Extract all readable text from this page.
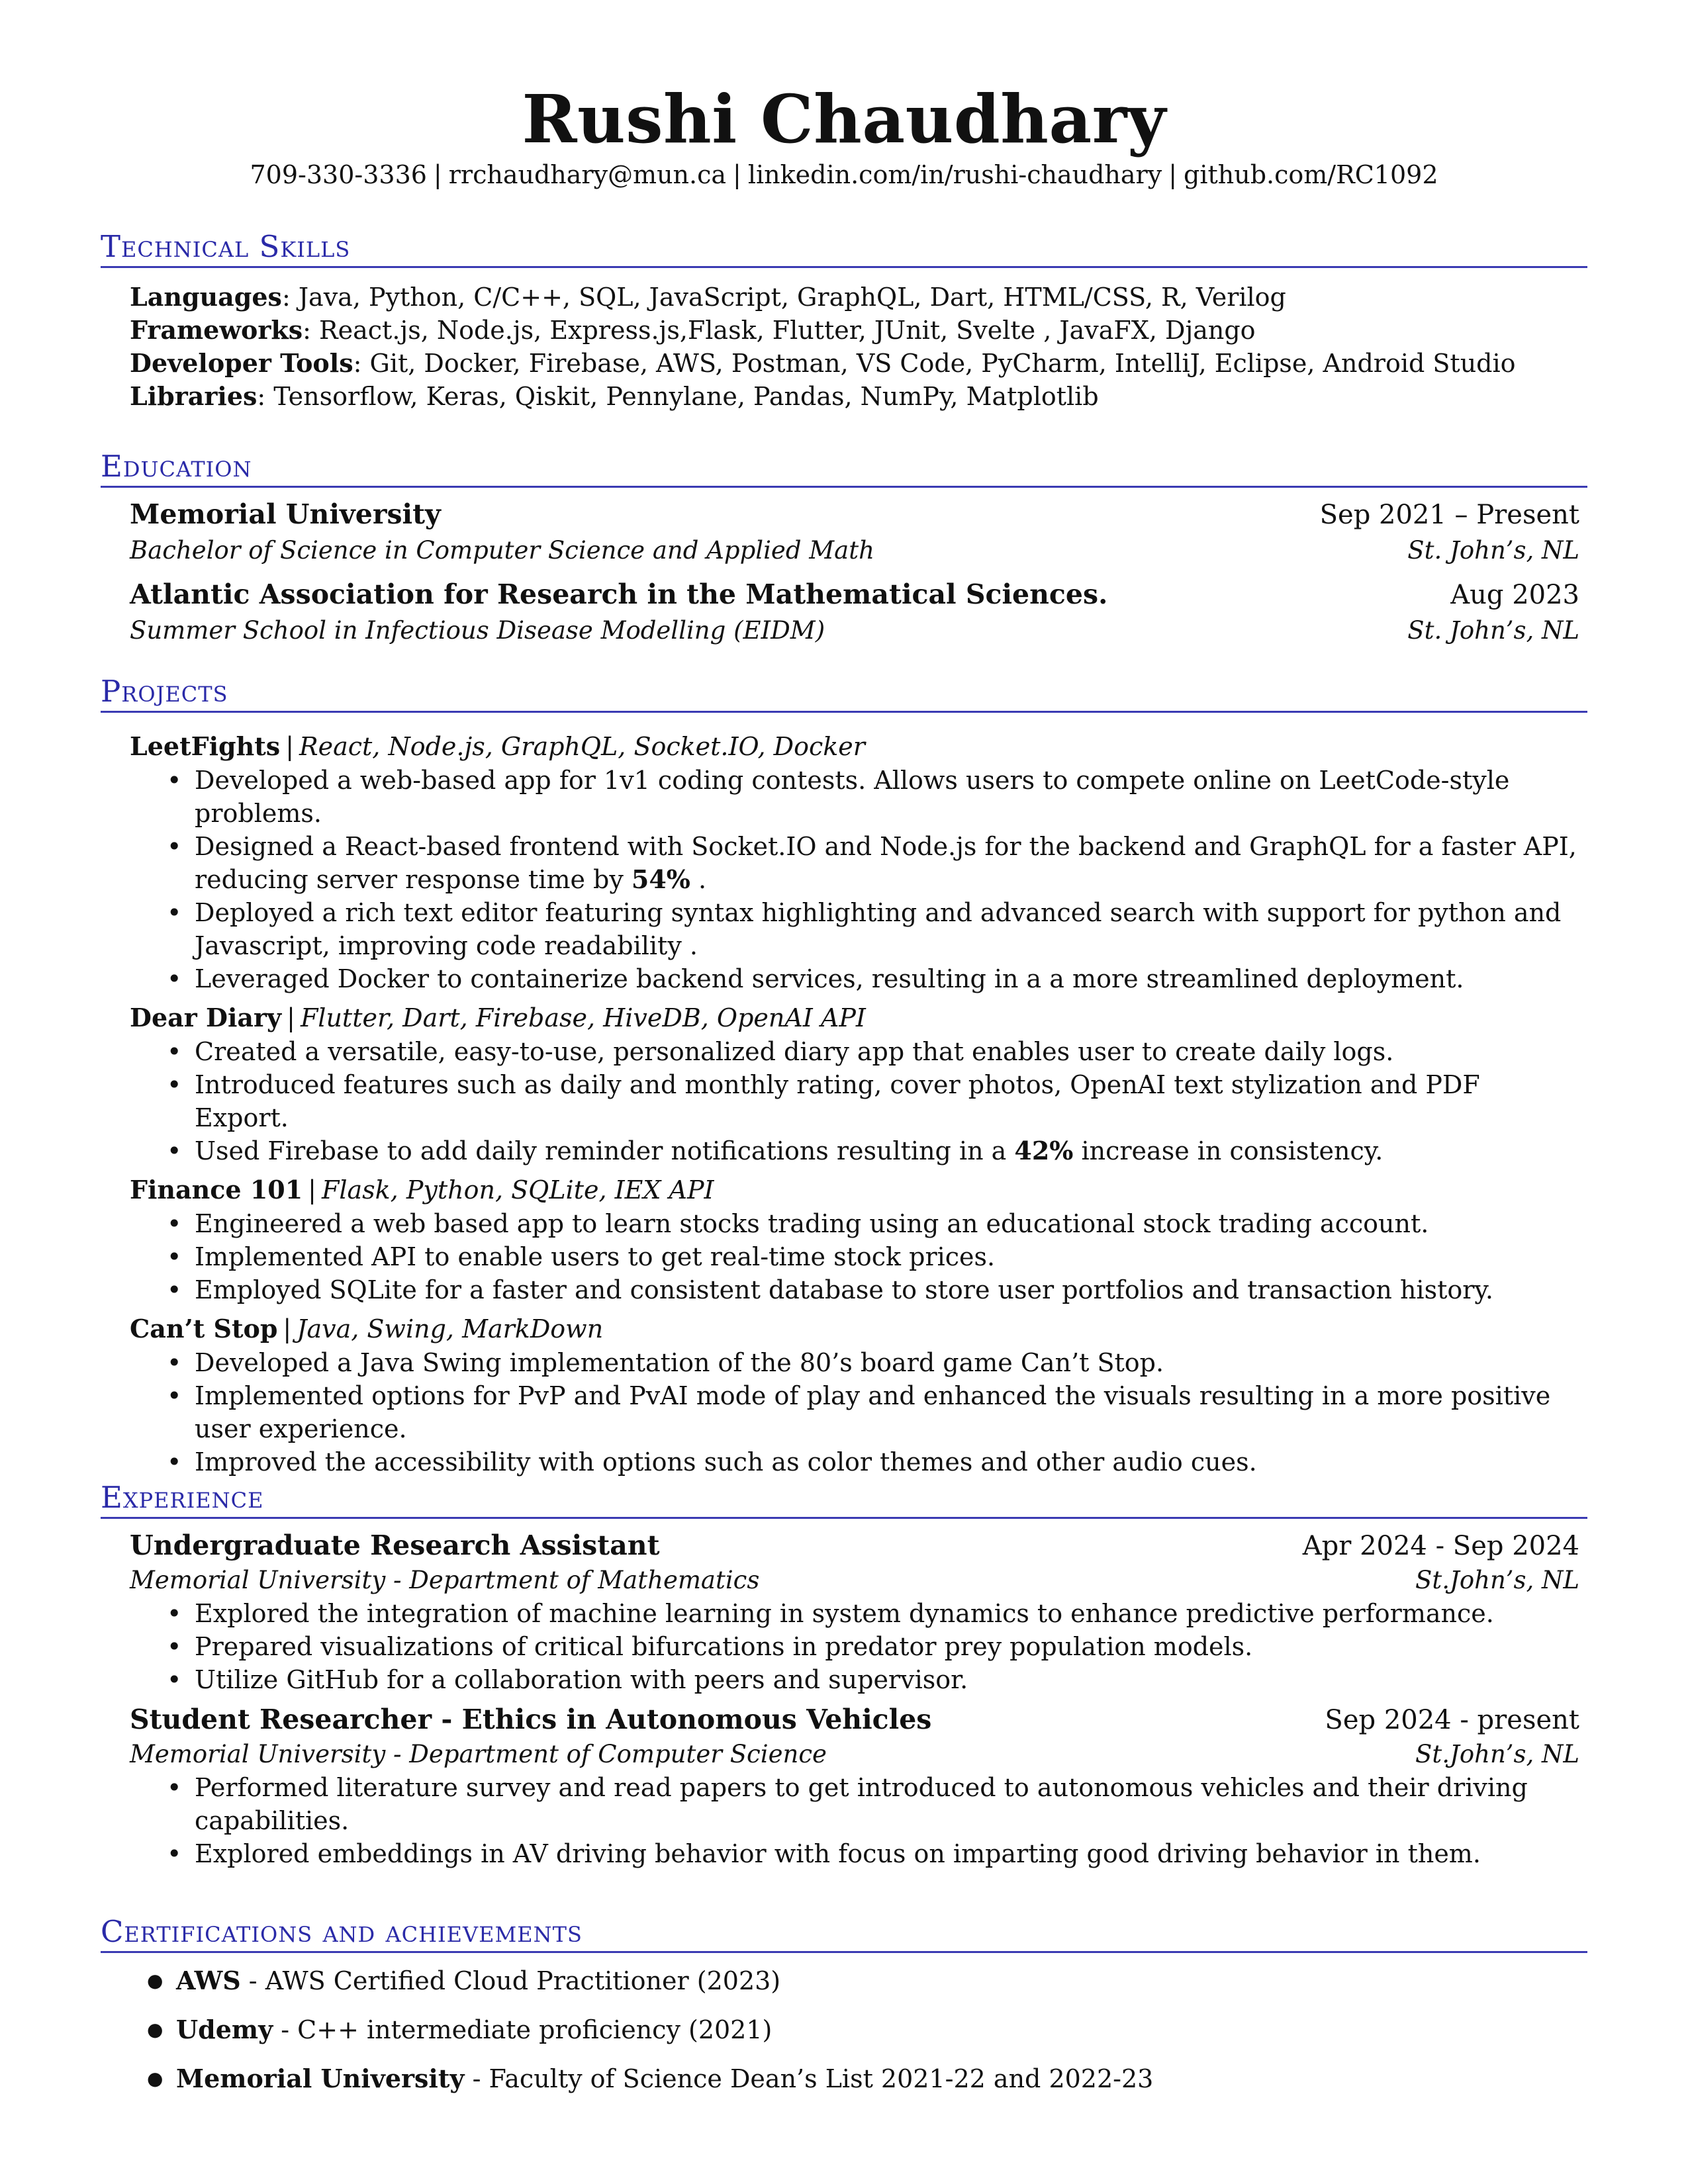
Rushi Chaudhary
709-330-3336 | rrchaudhary@mun.ca | linkedin.com/in/rushi-chaudhary | github.com/RC1092
Technical Skills
Languages: Java, Python, C/C++, SQL, JavaScript, GraphQL, Dart, HTML/CSS, R, Verilog
Frameworks: React.js, Node.js, Express.js,Flask, Flutter, JUnit, Svelte , JavaFX, Django
Developer Tools: Git, Docker, Firebase, AWS, Postman, VS Code, PyCharm, IntelliJ, Eclipse, Android Studio
Libraries: Tensorflow, Keras, Qiskit, Pennylane, Pandas, NumPy, Matplotlib
Education
Memorial University	Sep 2021 – Present
Bachelor of Science in Computer Science and Applied Math	St. John’s, NL
Atlantic Association for Research in the Mathematical Sciences.	Aug 2023
Summer School in Infectious Disease Modelling (EIDM)	St. John’s, NL
Projects
LeetFights | React, Node.js, GraphQL, Socket.IO, Docker
• Developed a web-based app for 1v1 coding contests. Allows users to compete online on LeetCode-style problems.
• Designed a React-based frontend with Socket.IO and Node.js for the backend and GraphQL for a faster API, reducing server response time by 54% .
• Deployed a rich text editor featuring syntax highlighting and advanced search with support for python and Javascript, improving code readability .
• Leveraged Docker to containerize backend services, resulting in a a more streamlined deployment.
Dear Diary | Flutter, Dart, Firebase, HiveDB, OpenAI API
• Created a versatile, easy-to-use, personalized diary app that enables user to create daily logs.
• Introduced features such as daily and monthly rating, cover photos, OpenAI text stylization and PDF Export.
• Used Firebase to add daily reminder notifications resulting in a 42% increase in consistency.
Finance 101 | Flask, Python, SQLite, IEX API
• Engineered a web based app to learn stocks trading using an educational stock trading account.
• Implemented API to enable users to get real-time stock prices.
• Employed SQLite for a faster and consistent database to store user portfolios and transaction history.
Can’t Stop | Java, Swing, MarkDown
• Developed a Java Swing implementation of the 80’s board game Can’t Stop.
• Implemented options for PvP and PvAI mode of play and enhanced the visuals resulting in a more positive user experience.
• Improved the accessibility with options such as color themes and other audio cues.
Experience
Undergraduate Research Assistant	Apr 2024 - Sep 2024
Memorial University - Department of Mathematics	St.John’s, NL
• Explored the integration of machine learning in system dynamics to enhance predictive performance.
• Prepared visualizations of critical bifurcations in predator prey population models.
• Utilize GitHub for a collaboration with peers and supervisor.
Student Researcher - Ethics in Autonomous Vehicles	Sep 2024 - present
Memorial University - Department of Computer Science	St.John’s, NL
• Performed literature survey and read papers to get introduced to autonomous vehicles and their driving capabilities.
• Explored embeddings in AV driving behavior with focus on imparting good driving behavior in them.
Certifications and achievements
● AWS - AWS Certified Cloud Practitioner (2023)
● Udemy - C++ intermediate proficiency (2021)
● Memorial University - Faculty of Science Dean’s List 2021-22 and 2022-23
